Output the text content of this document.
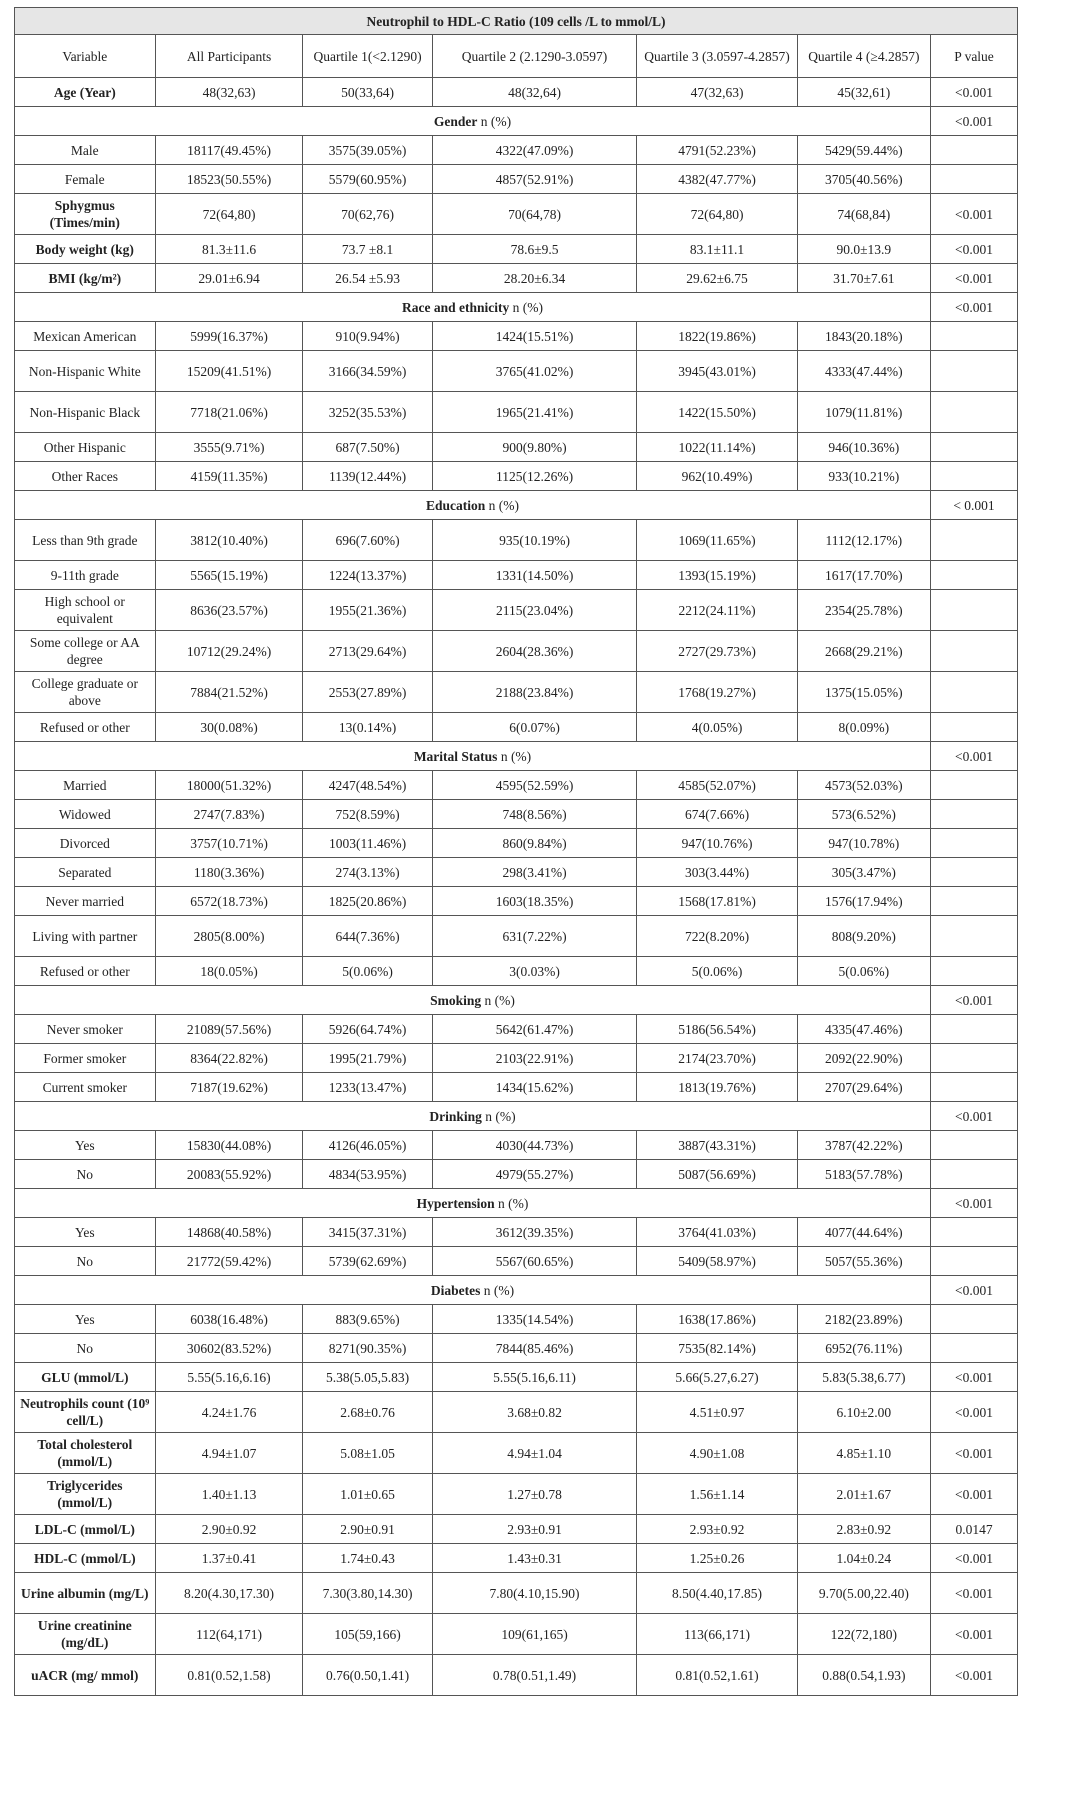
Neutrophil to HDL-C Ratio (109 cells /L to mmol/L)						
Variable	All Participants	Quartile 1(<2.1290)	Quartile 2 (2.1290-3.0597)	Quartile 3 (3.0597-4.2857)	Quartile 4 (≥4.2857)	P value
Age (Year)	48(32,63)	50(33,64)	48(32,64)	47(32,63)	45(32,61)	<0.001
Gender n (%)						<0.001
Male	18117(49.45%)	3575(39.05%)	4322(47.09%)	4791(52.23%)	5429(59.44%)	
Female	18523(50.55%)	5579(60.95%)	4857(52.91%)	4382(47.77%)	3705(40.56%)	
Sphygmus (Times/min)	72(64,80)	70(62,76)	70(64,78)	72(64,80)	74(68,84)	<0.001
Body weight (kg)	81.3±11.6	73.7 ±8.1	78.6±9.5	83.1±11.1	90.0±13.9	<0.001
BMI (kg/m²)	29.01±6.94	26.54 ±5.93	28.20±6.34	29.62±6.75	31.70±7.61	<0.001
Race and ethnicity n (%)						<0.001
Mexican American	5999(16.37%)	910(9.94%)	1424(15.51%)	1822(19.86%)	1843(20.18%)	
Non-Hispanic White	15209(41.51%)	3166(34.59%)	3765(41.02%)	3945(43.01%)	4333(47.44%)	
Non-Hispanic Black	7718(21.06%)	3252(35.53%)	1965(21.41%)	1422(15.50%)	1079(11.81%)	
Other Hispanic	3555(9.71%)	687(7.50%)	900(9.80%)	1022(11.14%)	946(10.36%)	
Other Races	4159(11.35%)	1139(12.44%)	1125(12.26%)	962(10.49%)	933(10.21%)	
Education n (%)						< 0.001
Less than 9th grade	3812(10.40%)	696(7.60%)	935(10.19%)	1069(11.65%)	1112(12.17%)	
9-11th grade	5565(15.19%)	1224(13.37%)	1331(14.50%)	1393(15.19%)	1617(17.70%)	
High school or equivalent	8636(23.57%)	1955(21.36%)	2115(23.04%)	2212(24.11%)	2354(25.78%)	
Some college or AA degree	10712(29.24%)	2713(29.64%)	2604(28.36%)	2727(29.73%)	2668(29.21%)	
College graduate or above	7884(21.52%)	2553(27.89%)	2188(23.84%)	1768(19.27%)	1375(15.05%)	
Refused or other	30(0.08%)	13(0.14%)	6(0.07%)	4(0.05%)	8(0.09%)	
Marital Status n (%)						<0.001
Married	18000(51.32%)	4247(48.54%)	4595(52.59%)	4585(52.07%)	4573(52.03%)	
Widowed	2747(7.83%)	752(8.59%)	748(8.56%)	674(7.66%)	573(6.52%)	
Divorced	3757(10.71%)	1003(11.46%)	860(9.84%)	947(10.76%)	947(10.78%)	
Separated	1180(3.36%)	274(3.13%)	298(3.41%)	303(3.44%)	305(3.47%)	
Never married	6572(18.73%)	1825(20.86%)	1603(18.35%)	1568(17.81%)	1576(17.94%)	
Living with partner	2805(8.00%)	644(7.36%)	631(7.22%)	722(8.20%)	808(9.20%)	
Refused or other	18(0.05%)	5(0.06%)	3(0.03%)	5(0.06%)	5(0.06%)	
Smoking n (%)						<0.001
Never smoker	21089(57.56%)	5926(64.74%)	5642(61.47%)	5186(56.54%)	4335(47.46%)	
Former smoker	8364(22.82%)	1995(21.79%)	2103(22.91%)	2174(23.70%)	2092(22.90%)	
Current smoker	7187(19.62%)	1233(13.47%)	1434(15.62%)	1813(19.76%)	2707(29.64%)	
Drinking n (%)						<0.001
Yes	15830(44.08%)	4126(46.05%)	4030(44.73%)	3887(43.31%)	3787(42.22%)	
No	20083(55.92%)	4834(53.95%)	4979(55.27%)	5087(56.69%)	5183(57.78%)	
Hypertension n (%)						<0.001
Yes	14868(40.58%)	3415(37.31%)	3612(39.35%)	3764(41.03%)	4077(44.64%)	
No	21772(59.42%)	5739(62.69%)	5567(60.65%)	5409(58.97%)	5057(55.36%)	
Diabetes n (%)						<0.001
Yes	6038(16.48%)	883(9.65%)	1335(14.54%)	1638(17.86%)	2182(23.89%)	
No	30602(83.52%)	8271(90.35%)	7844(85.46%)	7535(82.14%)	6952(76.11%)	
GLU (mmol/L)	5.55(5.16,6.16)	5.38(5.05,5.83)	5.55(5.16,6.11)	5.66(5.27,6.27)	5.83(5.38,6.77)	<0.001
Neutrophils count (10⁹ cell/L)	4.24±1.76	2.68±0.76	3.68±0.82	4.51±0.97	6.10±2.00	<0.001
Total cholesterol (mmol/L)	4.94±1.07	5.08±1.05	4.94±1.04	4.90±1.08	4.85±1.10	<0.001
Triglycerides (mmol/L)	1.40±1.13	1.01±0.65	1.27±0.78	1.56±1.14	2.01±1.67	<0.001
LDL-C (mmol/L)	2.90±0.92	2.90±0.91	2.93±0.91	2.93±0.92	2.83±0.92	0.0147
HDL-C (mmol/L)	1.37±0.41	1.74±0.43	1.43±0.31	1.25±0.26	1.04±0.24	<0.001
Urine albumin (mg/L)	8.20(4.30,17.30)	7.30(3.80,14.30)	7.80(4.10,15.90)	8.50(4.40,17.85)	9.70(5.00,22.40)	<0.001
Urine creatinine (mg/dL)	112(64,171)	105(59,166)	109(61,165)	113(66,171)	122(72,180)	<0.001
uACR (mg/ mmol)	0.81(0.52,1.58)	0.76(0.50,1.41)	0.78(0.51,1.49)	0.81(0.52,1.61)	0.88(0.54,1.93)	<0.001
